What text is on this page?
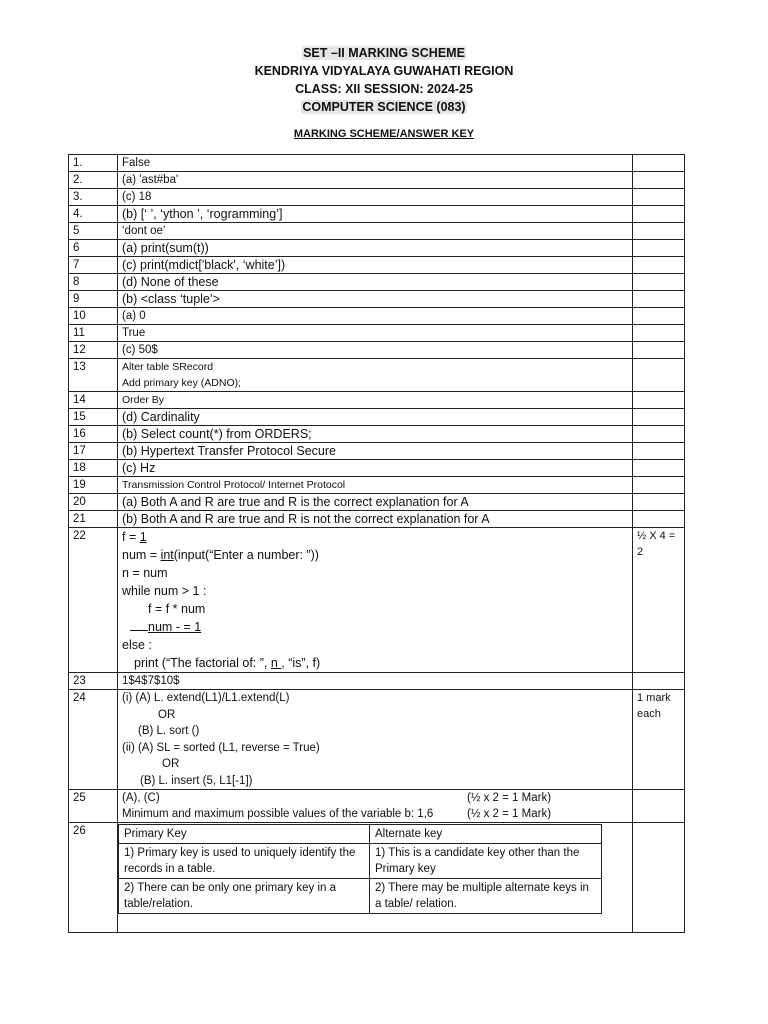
SET –II MARKING SCHEME
KENDRIYA VIDYALAYA GUWAHATI REGION
CLASS: XII SESSION: 2024-25
COMPUTER SCIENCE (083)
MARKING SCHEME/ANSWER KEY
1.	False	
2.	(a) 'ast#ba'	
3.	(c) 18	
4.	(b) [‘ ’, ‘ython ’, ‘rogramming’]	
5	‘dont oe’	
6	(a) print(sum(t))	
7	(c) print(mdict['black', ‘white’])	
8	(d) None of these	
9	(b) <class ‘tuple’>	
10	(a) 0	
11	True	
12	(c) 50$	
13	Alter table SRecord
Add primary key (ADNO);

14	Order By	
15	(d) Cardinality	
16	(b) Select count(*) from ORDERS;	
17	(b) Hypertext Transfer Protocol Secure	
18	(c) Hz	
19	Transmission Control Protocol/ Internet Protocol	
20	(a) Both A and R are true and R is the correct explanation for A	
21	(b) Both A and R are true and R is not the correct explanation for A	
22	f = 1
num = int(input(“Enter a number: ”))
n = num
while num > 1 :
f = f * num
num - = 1
else :
print (“The factorial of: ”, n , “is”, f)
	½ X 4 = 2
23	1$4$7$10$	
24	(i) (A) L. extend(L1)/L1.extend(L)
OR
(B) L. sort ()
(ii) (A) SL = sorted (L1, reverse = True)
OR
(B) L. insert (5, L1[-1])
	1 mark each
25	(A), (C)	(½ x 2 = 1 Mark)
Minimum and maximum possible values of the variable b: 1,6	(½ x 2 = 1 Mark)

26		Primary Key	Alternate key
1) Primary key is used to uniquely identify the records in a table.	1) This is a candidate key other than the Primary key
2) There can be only one primary key in a table/relation.	2) There may be multiple alternate keys in a table/ relation.
